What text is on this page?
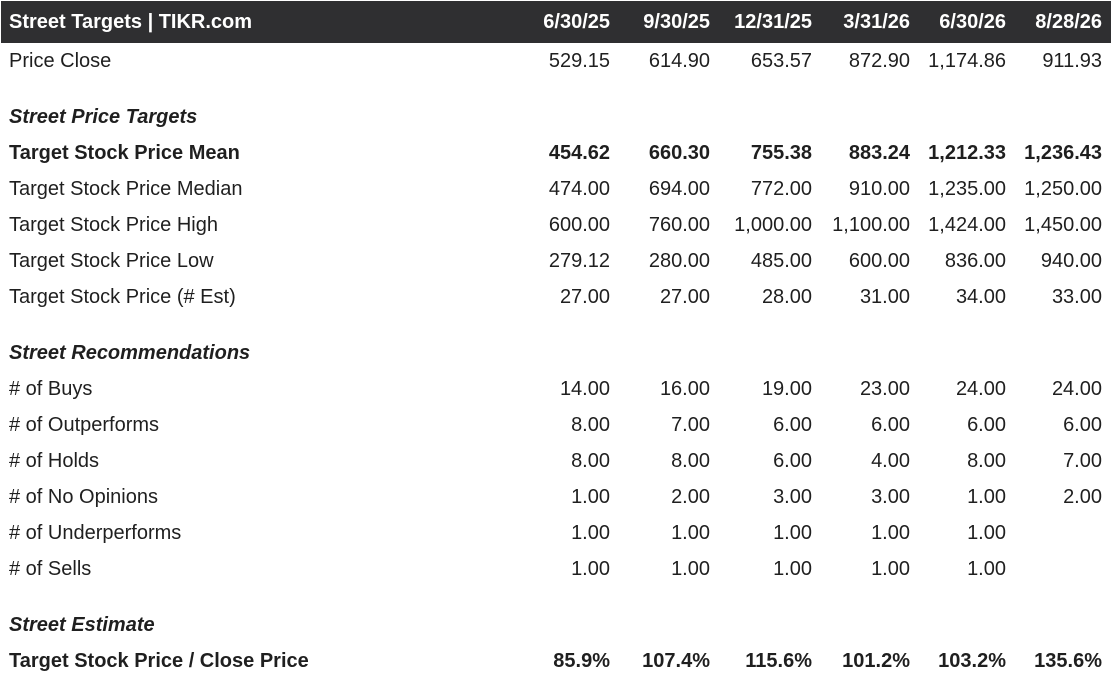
Street Targets | TIKR.com	6/30/25	9/30/25	12/31/25	3/31/26	6/30/26	8/28/26
Price Close	529.15	614.90	653.57	872.90 1,174.86	911.93
Street Price Targets
Target Stock Price Mean	454.62	660.30	755.38	883.24 1,212.33 1,236.43
Target Stock Price Median	474.00	694.00	772.00	910.00 1,235.00 1,250.00
Target Stock Price High	600.00	760.00	1,000.00	1,100.00 1,424.00 1,450.00
Target Stock Price Low	279.12	280.00	485.00	600.00	836.00	940.00
Target Stock Price (# Est)	27.00	27.00	28.00	31.00	34.00	33.00
Street Recommendations
# of Buys	14.00	16.00	19.00	23.00	24.00	24.00
# of Outperforms	8.00	7.00	6.00	6.00	6.00	6.00
# of Holds	8.00	8.00	6.00	4.00	8.00	7.00
# of No Opinions	1.00	2.00	3.00	3.00	1.00	2.00
# of Underperforms	1.00	1.00	1.00	1.00	1.00
# of Sells	1.00	1.00	1.00	1.00	1.00
Street Estimate
Target Stock Price / Close Price	85.9%	107.4%	115.6%	101.2%	103.2%	135.6%
